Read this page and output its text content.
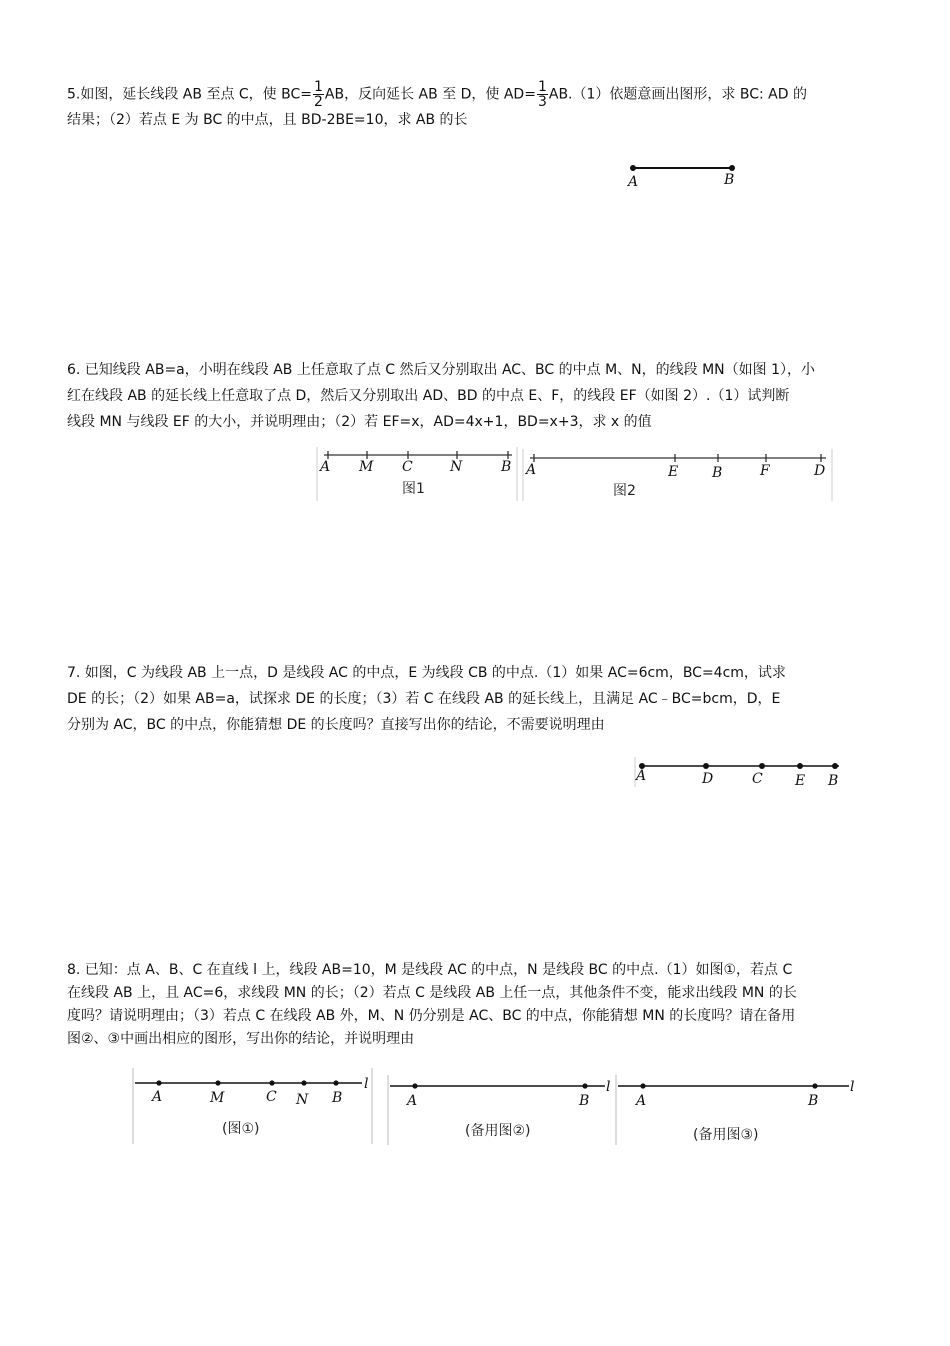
5.如图，延长线段 AB 至点 C，使 $BC= \frac{1}{2}$ AB，反向延长 AB 至 D，使 $AD= \frac{1}{3} AB.(1)$依题意画出图形，求 BC: AD 的
结果；（2）若点 E 为 BC 的中点，且 BD-2BE=10，求 AB 的长
A	B
6. 已知线段 AB=a，小明在线段 AB 上任意取了点 C 然后又分别取出 AC、BC 的中点 M、N，的线段 MN（如图 1），小
红在线段 AB 的延长线上任意取了点 D，然后又分别取出 AD、BD 的中点 E、F，的线段 EF（如图 2）.（1）试判断
线段 MN 与线段 EF 的大小，并说明理由；（2）若 EF=x，AD=4x+1，BD=x+3，求 x 的值
A M C	N	B
图1
A	E B	F	D
图2
7. 如图，C 为线段 AB 上一点，D 是线段 AC 的中点，E 为线段 CB 的中点.（1）如果 AC=6cm，BC=4cm，试求
DE 的长；（2）如果 AB=a，试探求 DE 的长度；（3）若 C 在线段 AB 的延长线上，且满足 AC﹣BC=bcm，D，E
分别为 AC，BC 的中点，你能猜想 DE 的长度吗？直接写出你的结论，不需要说明理由
A	D	C E B
8. 已知：点 A、B、C 在直线 l 上，线段 AB=10，M 是线段 AC 的中点，N 是线段 BC 的中点.（1）如图①，若点 C
在线段 AB 上，且 AC=6，求线段 MN 的长；（2）若点 C 是线段 AB 上任一点，其他条件不变，能求出线段 MN 的长
度吗？请说明理由；（3）若点 C 在线段 AB 外，M、N 仍分别是 AC、BC 的中点，你能猜想 MN 的长度吗？请在备用
图②、③中画出相应的图形，写出你的结论，并说明理由
l
A	M	C N B
(图①)
l
A	B
(备用图②)
l
A	B
(备用图③)
